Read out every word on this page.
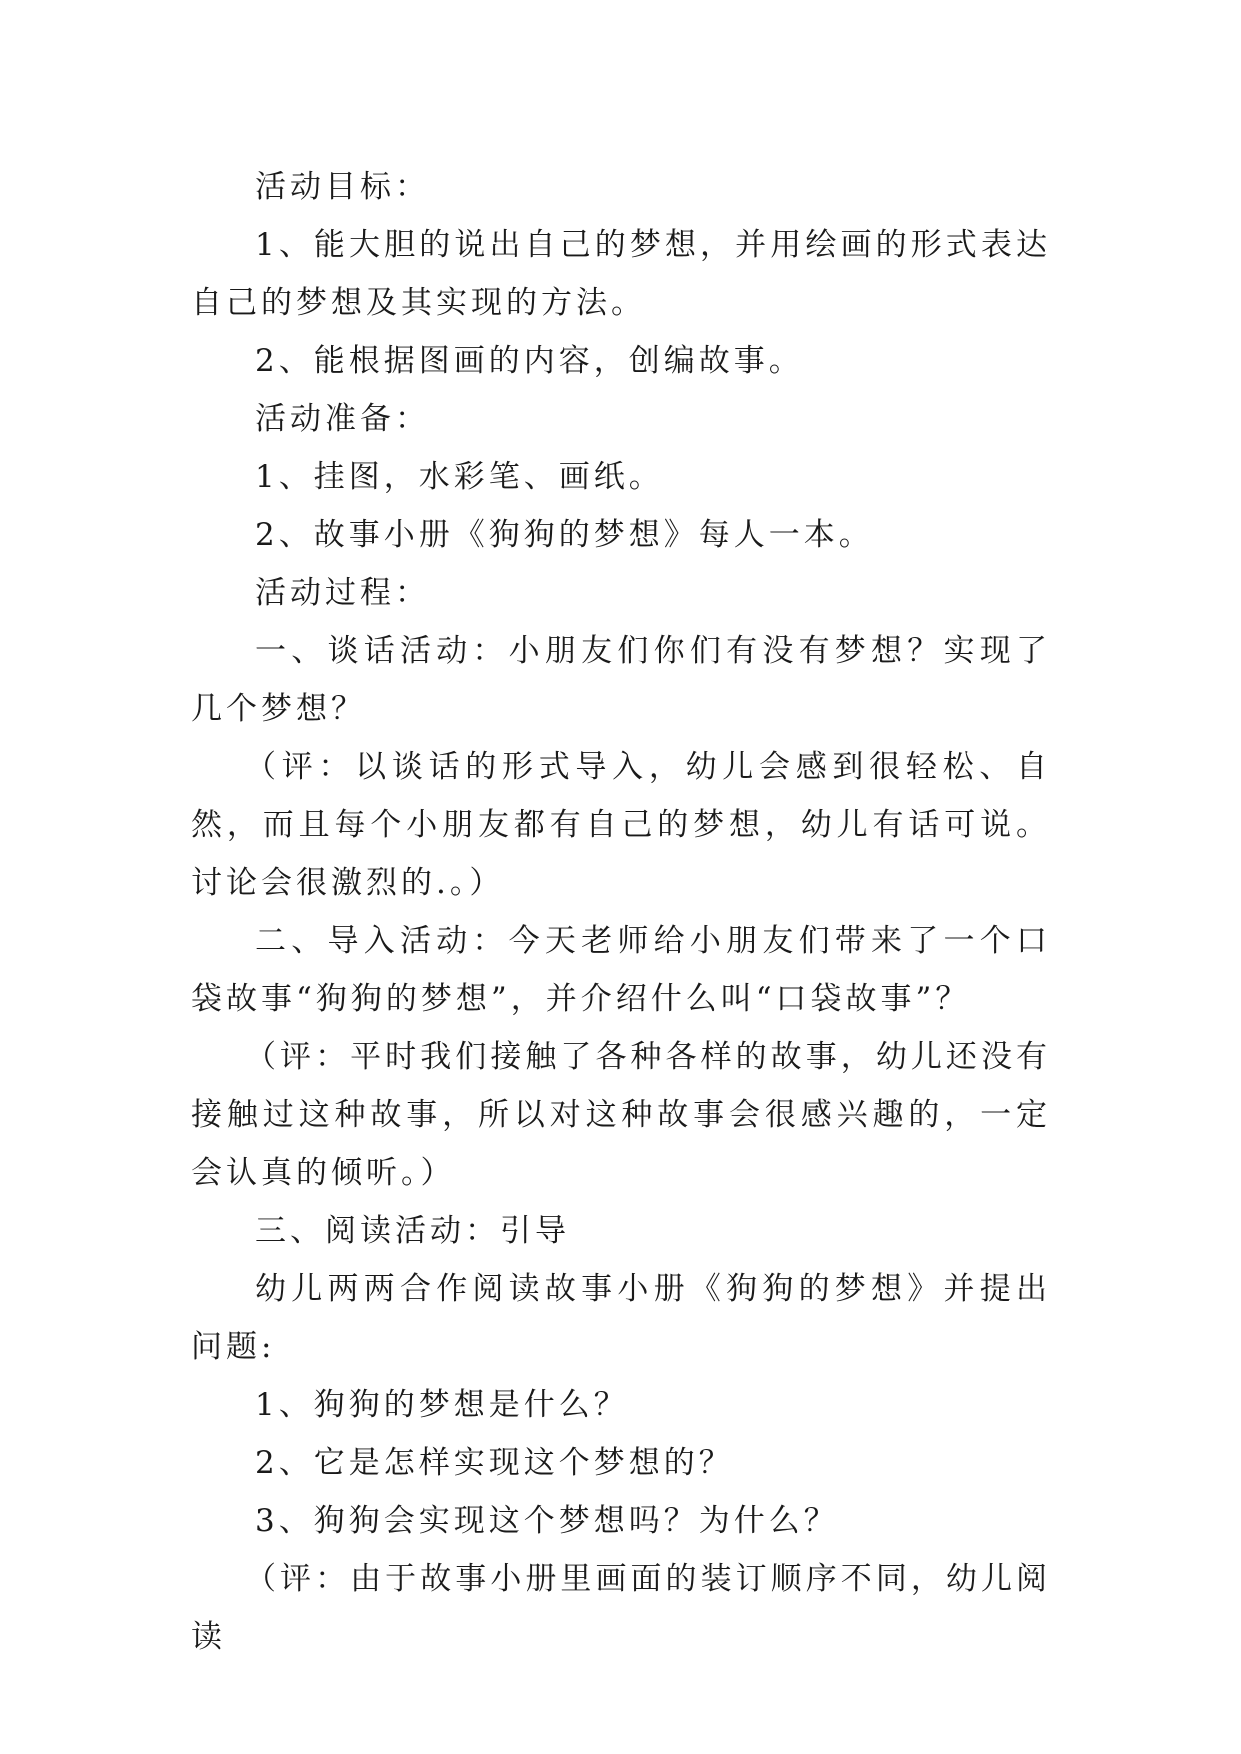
活动目标：

1、能大胆的说出自己的梦想，并用绘画的形式表达自己的梦想及其实现的方法。

2、能根据图画的内容，创编故事。

活动准备：

1、挂图，水彩笔、画纸。

2、故事小册《狗狗的梦想》每人一本。

活动过程：

一、谈话活动：小朋友们你们有没有梦想？实现了几个梦想？

（评：以谈话的形式导入，幼儿会感到很轻松、自然，而且每个小朋友都有自己的梦想，幼儿有话可说。讨论会很激烈的.。）

二、导入活动：今天老师给小朋友们带来了一个口袋故事“狗狗的梦想”，并介绍什么叫“口袋故事”？

（评：平时我们接触了各种各样的故事，幼儿还没有接触过这种故事，所以对这种故事会很感兴趣的，一定会认真的倾听。）

三、阅读活动：引导

幼儿两两合作阅读故事小册《狗狗的梦想》并提出问题:

1、狗狗的梦想是什么？

2、它是怎样实现这个梦想的？

3、狗狗会实现这个梦想吗？为什么？

（评：由于故事小册里画面的装订顺序不同，幼儿阅读
